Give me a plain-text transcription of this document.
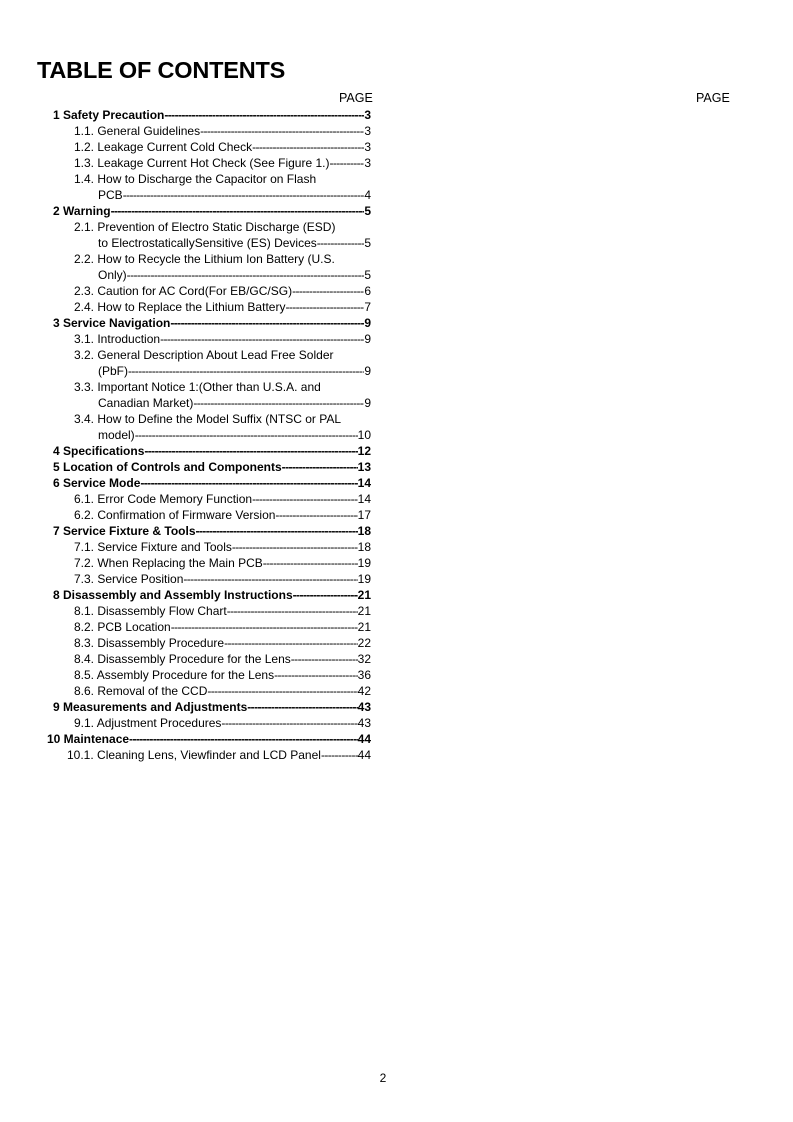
TABLE OF CONTENTS
PAGE	PAGE
1 Safety Precaution -----	3
1.1. General Guidelines -----	3
1.2. Leakage Current Cold Check -----	3
1.3. Leakage Current Hot Check (See Figure 1.) -----	3
1.4. How to Discharge the Capacitor on Flash
PCB -----	4
2 Warning -----	5
2.1. Prevention of Electro Static Discharge (ESD)
to ElectrostaticallySensitive (ES) Devices -----	5
2.2. How to Recycle the Lithium Ion Battery (U.S.
Only) -----	5
2.3. Caution for AC Cord(For EB/GC/SG) -----	6
2.4. How to Replace the Lithium Battery -----	7
3 Service Navigation -----	9
3.1. Introduction -----	9
3.2. General Description About Lead Free Solder
(PbF) -----	9
3.3. Important Notice 1:(Other than U.S.A. and
Canadian Market) -----	9
3.4. How to Define the Model Suffix (NTSC or PAL
model) -----	10
4 Specifications -----	12
5 Location of Controls and Components -----	13
6 Service Mode -----	14
6.1. Error Code Memory Function -----	14
6.2. Confirmation of Firmware Version -----	17
7 Service Fixture & Tools -----	18
7.1. Service Fixture and Tools -----	18
7.2. When Replacing the Main PCB -----	19
7.3. Service Position -----	19
8 Disassembly and Assembly Instructions -----	21
8.1. Disassembly Flow Chart -----	21
8.2. PCB Location -----	21
8.3. Disassembly Procedure -----	22
8.4. Disassembly Procedure for the Lens -----	32
8.5. Assembly Procedure for the Lens -----	36
8.6. Removal of the CCD -----	42
9 Measurements and Adjustments -----	43
9.1. Adjustment Procedures -----	43
10 Maintenace -----	44
10.1. Cleaning Lens, Viewfinder and LCD Panel -----	44
2
